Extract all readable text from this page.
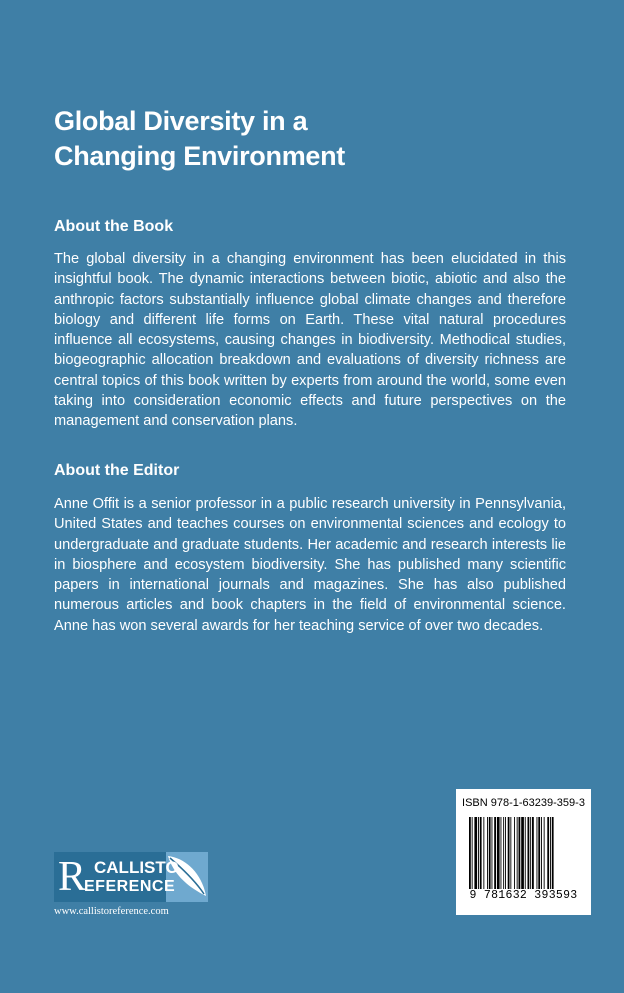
Global Diversity in a
Changing Environment
About the Book
The global diversity in a changing environment has been elucidated in this insightful book. The dynamic interactions between biotic, abiotic and also the anthropic factors substantially influence global climate changes and therefore biology and different life forms on Earth. These vital natural procedures influence all ecosystems, causing changes in biodiversity. Methodical studies, biogeographic allocation breakdown and evaluations of diversity richness are central topics of this book written by experts from around the world, some even taking into consideration economic effects and future perspectives on the management and conservation plans.
About the Editor
Anne Offit is a senior professor in a public research university in Pennsylvania, United States and teaches courses on environmental sciences and ecology to undergraduate and graduate students. Her academic and research interests lie in biosphere and ecosystem biodiversity. She has published many scientific papers in international journals and magazines. She has also published numerous articles and book chapters in the field of environmental science. Anne has won several awards for her teaching service of over two decades.
ISBN 978-1-63239-359-3
9 781632 393593
R CALLISTO
EFERENCE
www.callistoreference.com
